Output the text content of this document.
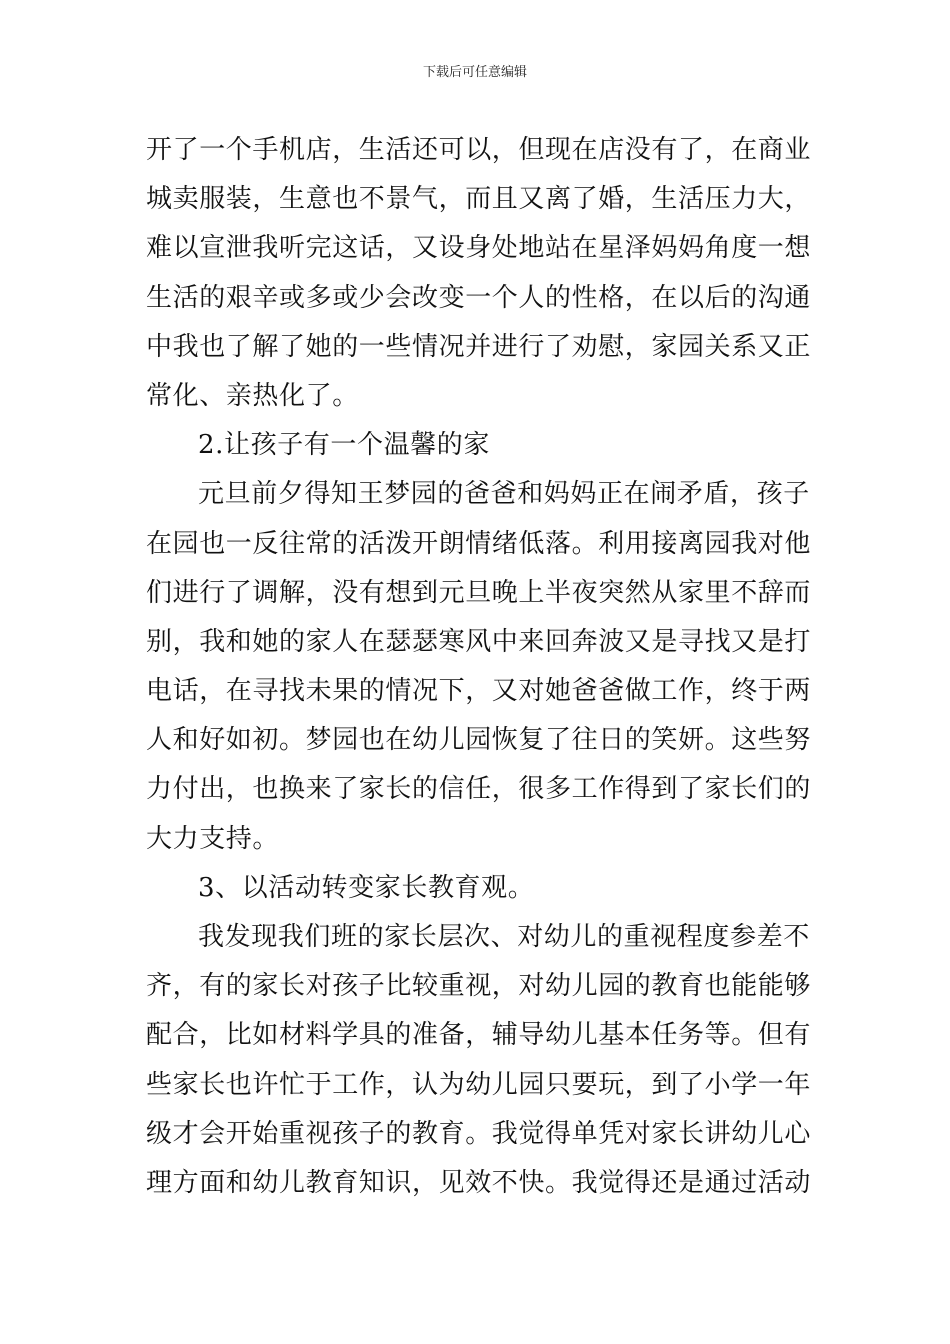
下载后可任意编辑

开了一个手机店，生活还可以，但现在店没有了，在商业
城卖服装，生意也不景气，而且又离了婚，生活压力大，
难以宣泄我听完这话，又设身处地站在星泽妈妈角度一想
生活的艰辛或多或少会改变一个人的性格，在以后的沟通
中我也了解了她的一些情况并进行了劝慰，家园关系又正
常化、亲热化了。

2.让孩子有一个温馨的家

元旦前夕得知王梦园的爸爸和妈妈正在闹矛盾，孩子
在园也一反往常的活泼开朗情绪低落。利用接离园我对他
们进行了调解，没有想到元旦晚上半夜突然从家里不辞而
别，我和她的家人在瑟瑟寒风中来回奔波又是寻找又是打
电话，在寻找未果的情况下，又对她爸爸做工作，终于两
人和好如初。梦园也在幼儿园恢复了往日的笑妍。这些努
力付出，也换来了家长的信任，很多工作得到了家长们的
大力支持。

3、以活动转变家长教育观。

我发现我们班的家长层次、对幼儿的重视程度参差不
齐，有的家长对孩子比较重视，对幼儿园的教育也能能够
配合，比如材料学具的准备，辅导幼儿基本任务等。但有
些家长也许忙于工作，认为幼儿园只要玩，到了小学一年
级才会开始重视孩子的教育。我觉得单凭对家长讲幼儿心
理方面和幼儿教育知识，见效不快。我觉得还是通过活动
